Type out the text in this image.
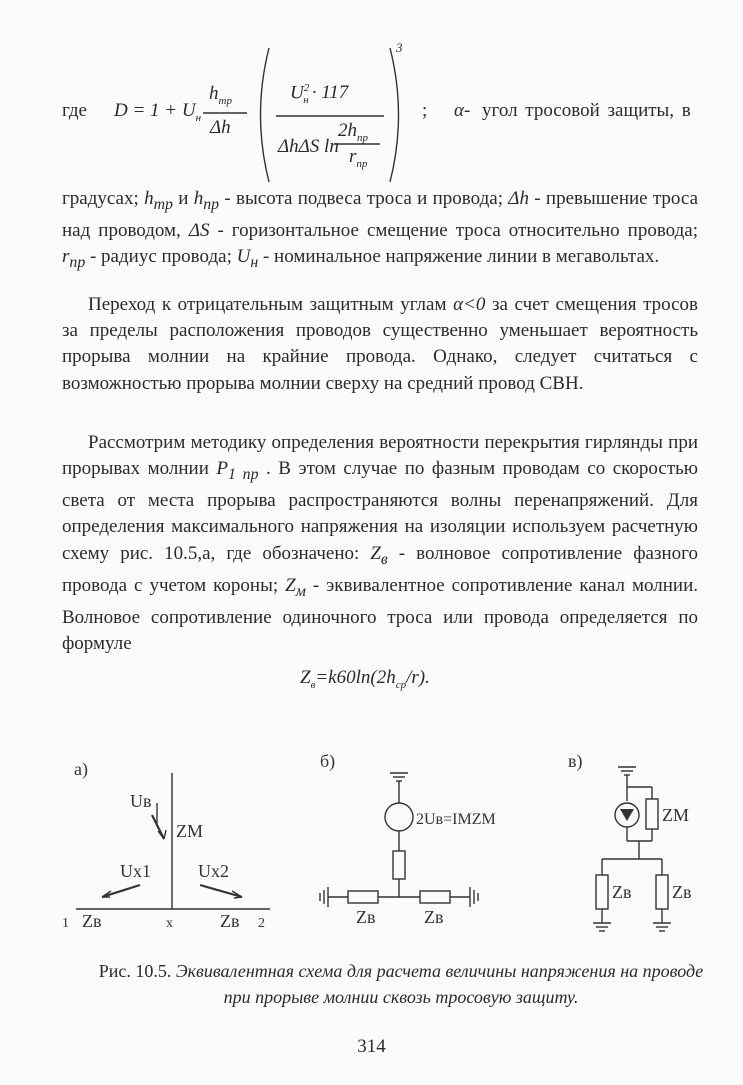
где $D = 1 + U_н$
$h_{тр}$
Δh
$U^2_н \cdot 117$
ΔhΔS ln
$2h_{пр}$
$r_{пр}$
3
; α- угол тросовой защиты, в
градусах; $h_{тр}$ и $h_{пр}$ - высота подвеса троса и провода; Δh - превышение троса над проводом, ΔS - горизонтальное смещение троса относительно провода; $r_{пр}$ - радиус провода; $U_н$ - номинальное напряжение линии в мегавольтах.
Переход к отрицательным защитным углам α<0 за счет смещения тросов за пределы расположения проводов существенно уменьшает вероятность прорыва молнии на крайние провода. Однако, следует считаться с возможностью прорыва молнии сверху на средний провод СВН.
Рассмотрим методику определения вероятности перекрытия гирлянды при прорывах молнии $P_{1 пр}$ . В этом случае по фазным проводам со скоростью света от места прорыва распространяются волны перенапряжений. Для определения максимального напряжения на изоляции используем расчетную схему рис. 10.5,а, где обозначено: $Z_в$ - волновое сопротивление фазного провода с учетом короны; $Z_м$ - эквивалентное сопротивление канал молнии. Волновое сопротивление одиночного троса или провода определяется по формуле
$Z_в=k60\ln(2h_{ср}/r)$.
а)
Uв
ZМ
Ux1	Ux2
1 Zв	x	Zв 2
б)
2Uв=IМZМ
Zв	Zв
в)
ZМ
Zв Zв
Рис. 10.5. Эквивалентная схема для расчета величины напряжения на проводе при прорыве молнии сквозь тросовую защиту.
314
